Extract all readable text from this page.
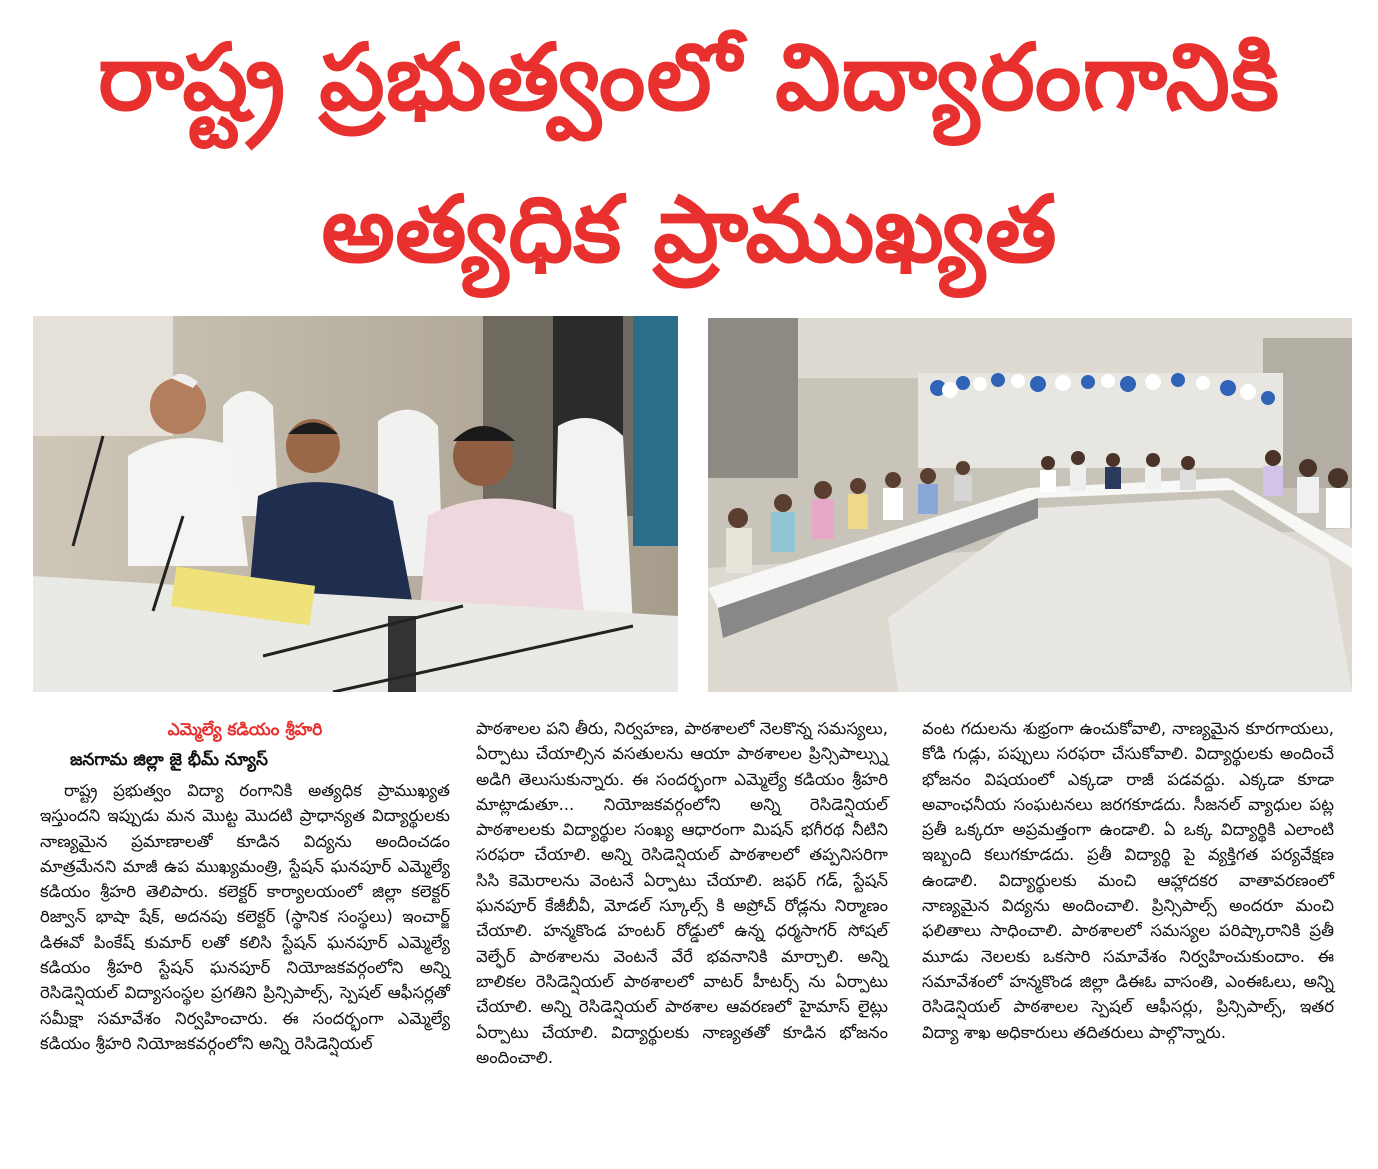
రాష్ట్ర ప్రభుత్వంలో విద్యారంగానికి
అత్యధిక ప్రాముఖ్యత
ఎమ్మెల్యే కడియం శ్రీహరి
జనగామ జిల్లా జై భీమ్ న్యూస్

రాష్ట్ర ప్రభుత్వం విద్యా రంగానికి అత్యధిక ప్రాముఖ్యత ఇస్తుందని ఇప్పుడు మన మొట్ట మొదటి ప్రాధాన్యత విద్యార్థులకు నాణ్యమైన ప్రమాణాలతో కూడిన విద్యను అందించడం మాత్రమేనని మాజీ ఉప ముఖ్యమంత్రి, స్టేషన్ ఘనపూర్ ఎమ్మెల్యే కడియం శ్రీహరి తెలిపారు. కలెక్టర్ కార్యాలయంలో జిల్లా కలెక్టర్ రిజ్వాన్ భాషా షేక్, అదనపు కలెక్టర్ (స్థానిక సంస్థలు) ఇంచార్జ్ డిఈవో పింకేష్ కుమార్ లతో కలిసి స్టేషన్ ఘనపూర్ ఎమ్మెల్యే కడియం శ్రీహరి స్టేషన్ ఘనపూర్ నియోజకవర్గంలోని అన్ని రెసిడెన్షియల్ విద్యాసంస్థల ప్రగతిని ప్రిన్సిపాల్స్, స్పెషల్ ఆఫీసర్లతో సమీక్షా సమావేశం నిర్వహించారు. ఈ సందర్భంగా ఎమ్మెల్యే కడియం శ్రీహరి నియోజకవర్గంలోని అన్ని రెసిడెన్షియల్

పాఠశాలల పని తీరు, నిర్వహణ, పాఠశాలలో నెలకొన్న సమస్యలు, ఏర్పాటు చేయాల్సిన వసతులను ఆయా పాఠశాలల ప్రిన్సిపాల్స్ను అడిగి తెలుసుకున్నారు. ఈ సందర్భంగా ఎమ్మెల్యే కడియం శ్రీహరి మాట్లాడుతూ... నియోజకవర్గంలోని అన్ని రెసిడెన్షియల్ పాఠశాలలకు విద్యార్థుల సంఖ్య ఆధారంగా మిషన్ భగీరథ నీటిని సరఫరా చేయాలి. అన్ని రెసిడెన్షియల్ పాఠశాలలో తప్పనిసరిగా సిసి కెమెరాలను వెంటనే ఏర్పాటు చేయాలి. జఫర్ గడ్, స్టేషన్ ఘనపూర్ కేజీబీవీ, మోడల్ స్కూల్స్ కి అప్రోచ్ రోడ్లను నిర్మాణం చేయాలి. హన్మకొండ హంటర్ రోడ్డులో ఉన్న ధర్మసాగర్ సోషల్ వెల్ఫేర్ పాఠశాలను వెంటనే వేరే భవనానికి మార్చాలి. అన్ని బాలికల రెసిడెన్షియల్ పాఠశాలలో వాటర్ హీటర్స్ ను ఏర్పాటు చేయాలి. అన్ని రెసిడెన్షియల్ పాఠశాల ఆవరణలో హైమాస్ లైట్లు ఏర్పాటు చేయాలి. విద్యార్థులకు నాణ్యతతో కూడిన భోజనం అందించాలి.

వంట గదులను శుభ్రంగా ఉంచుకోవాలి, నాణ్యమైన కూరగాయలు, కోడి గుడ్లు, పప్పులు సరఫరా చేసుకోవాలి. విద్యార్థులకు అందించే భోజనం విషయంలో ఎక్కడా రాజీ పడవద్దు. ఎక్కడా కూడా అవాంఛనీయ సంఘటనలు జరగకూడదు. సీజనల్ వ్యాధుల పట్ల ప్రతీ ఒక్కరూ అప్రమత్తంగా ఉండాలి. ఏ ఒక్క విద్యార్థికి ఎలాంటి ఇబ్బంది కలుగకూడదు. ప్రతీ విద్యార్థి పై వ్యక్తిగత పర్యవేక్షణ ఉండాలి. విద్యార్థులకు మంచి ఆహ్లాదకర వాతావరణంలో నాణ్యమైన విద్యను అందించాలి. ప్రిన్సిపాల్స్ అందరూ మంచి ఫలితాలు సాధించాలి. పాఠశాలలో సమస్యల పరిష్కారానికి ప్రతీ మూడు నెలలకు ఒకసారి సమావేశం నిర్వహించుకుందాం. ఈ సమావేశంలో హన్మకొండ జిల్లా డిఈఓ వాసంతి, ఎంఈఓలు, అన్ని రెసిడెన్షియల్ పాఠశాలల స్పెషల్ ఆఫీసర్లు, ప్రిన్సిపాల్స్, ఇతర విద్యా శాఖ అధికారులు తదితరులు పాల్గొన్నారు.
